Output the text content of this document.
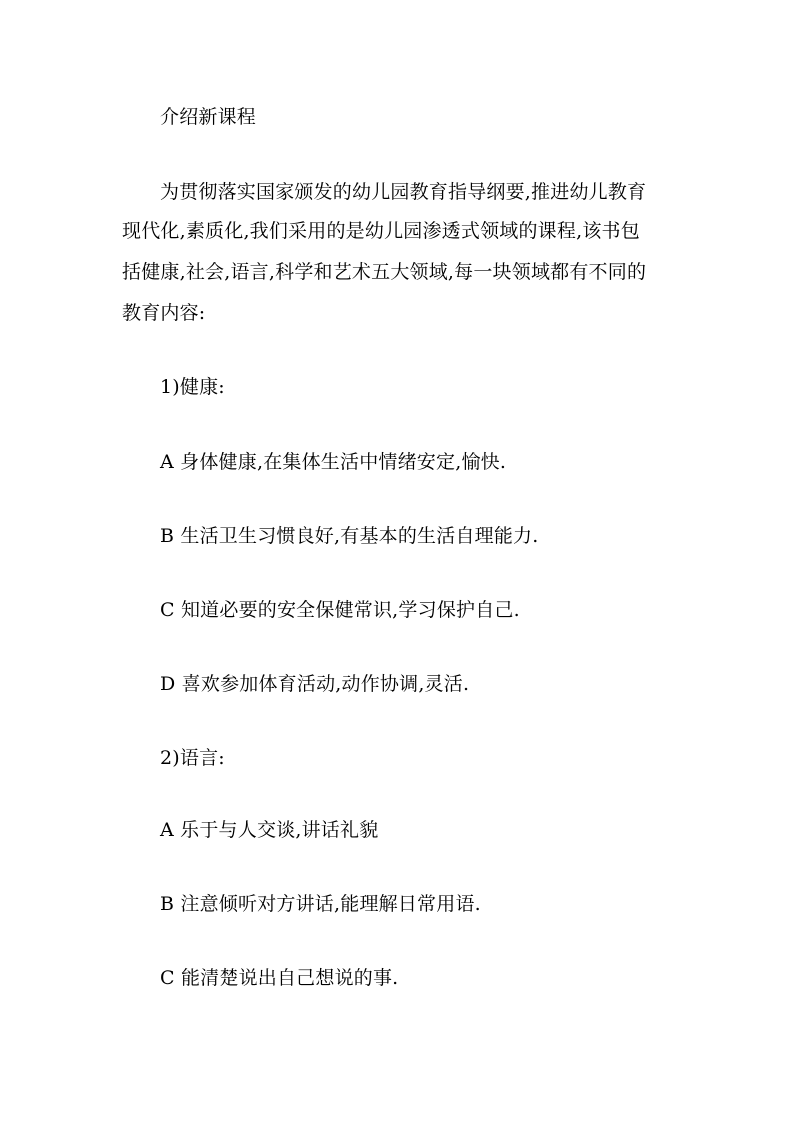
介绍新课程

为贯彻落实国家颁发的幼儿园教育指导纲要,推进幼儿教育

现代化,素质化,我们采用的是幼儿园渗透式领域的课程,该书包

括健康,社会,语言,科学和艺术五大领域,每一块领域都有不同的

教育内容:

1)健康:

A 身体健康,在集体生活中情绪安定,愉快.

B 生活卫生习惯良好,有基本的生活自理能力.

C 知道必要的安全保健常识,学习保护自己.

D 喜欢参加体育活动,动作协调,灵活.

2)语言:

A 乐于与人交谈,讲话礼貌

B 注意倾听对方讲话,能理解日常用语.

C 能清楚说出自己想说的事.
